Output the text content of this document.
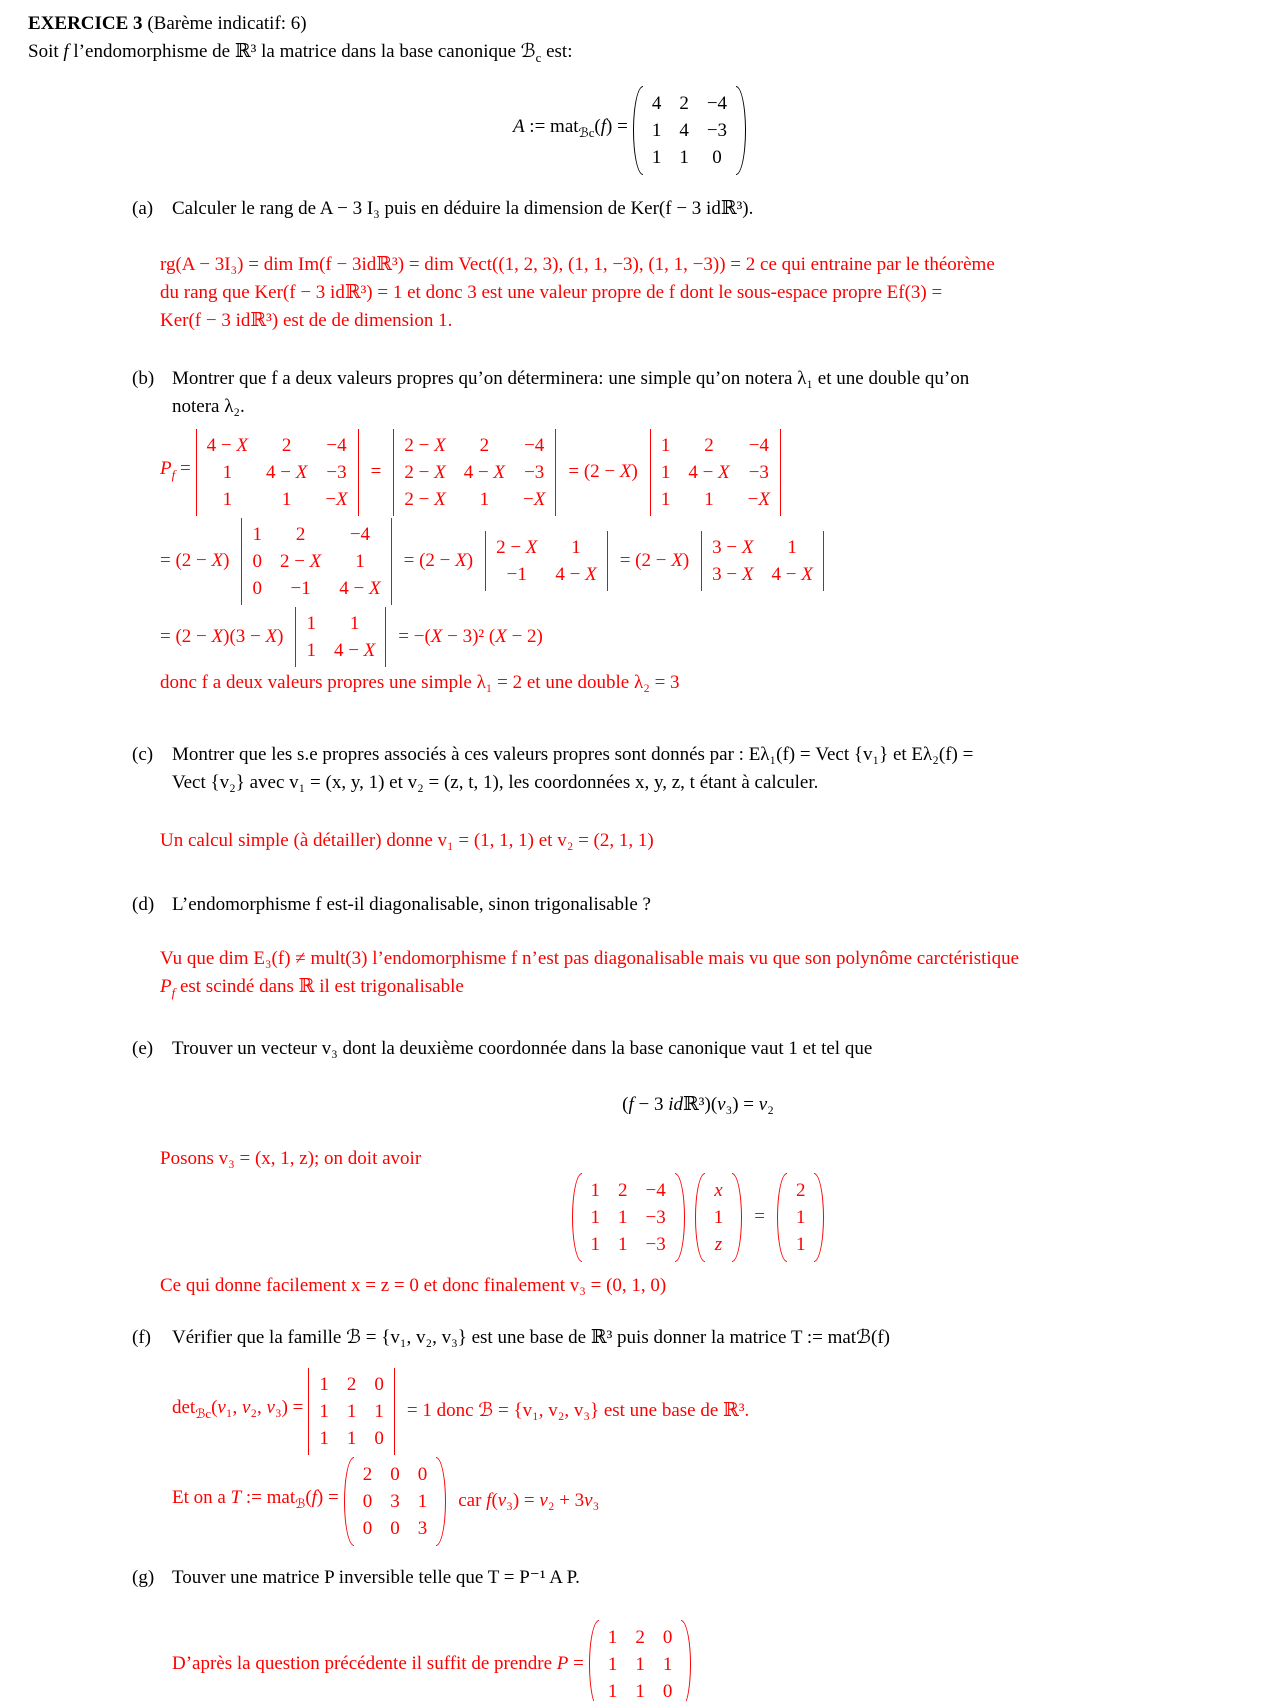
EXERCICE 3 (Barème indicatif: 6)
Soit f l’endomorphisme de ℝ³ la matrice dans la base canonique ℬ$_c$ est:
A := mat$_{ℬc}$(f) =
4 2 −4
1 4 −3
1 1 0
(a) Calculer le rang de A − 3 I₃ puis en déduire la dimension de Ker(f − 3 idℝ³).
rg(A − 3I₃) = dim Im(f − 3idℝ³) = dim Vect((1, 2, 3), (1, 1, −3), (1, 1, −3)) = 2 ce qui entraine par le théorème
du rang que Ker(f − 3 idℝ³) = 1 et donc 3 est une valeur propre de f dont le sous-espace propre Ef(3) =
Ker(f − 3 idℝ³) est de de dimension 1.
(b) Montrer que f a deux valeurs propres qu’on déterminera: une simple qu’on notera λ₁ et une double qu’on
notera λ₂.
$P_f$ =
4 − X 2 −4
1 4 − X −3
1	1 −X
=
2 − X 2 −4
2 − X 4 − X −3
2 − X 1 −X
= (2 − X)
1 2 −4
1 4 − X −3
1 1 −X
= (2 − X)
1 2 −4
0 2 − X 1
0 −1 4 − X
= (2 − X)
2 − X 1
−1 4 − X
= (2 − X)
3 − X 1
3 − X 4 − X
= (2 − X)(3 − X)
1 1
1 4 − X
= −(X − 3)² (X − 2)
donc f a deux valeurs propres une simple λ₁ = 2 et une double λ₂ = 3
(c) Montrer que les s.e propres associés à ces valeurs propres sont donnés par : Eλ₁(f) = Vect {v₁} et Eλ₂(f) =
Vect {v₂} avec v₁ = (x, y, 1) et v₂ = (z, t, 1), les coordonnées x, y, z, t étant à calculer.
Un calcul simple (à détailler) donne v₁ = (1, 1, 1) et v₂ = (2, 1, 1)
(d) L’endomorphisme f est-il diagonalisable, sinon trigonalisable ?
Vu que dim E₃(f) ≠ mult(3) l’endomorphisme f n’est pas diagonalisable mais vu que son polynôme carctéristique
$P_f$ est scindé dans ℝ il est trigonalisable
(e) Trouver un vecteur v₃ dont la deuxième coordonnée dans la base canonique vaut 1 et tel que
(f − 3 idℝ³)(v₃) = v₂
Posons v₃ = (x, 1, z); on doit avoir
1 2 −4
1 1 −3
1 1 −3
x
1
z
=
2
1
1
Ce qui donne facilement x = z = 0 et donc finalement v₃ = (0, 1, 0)
(f)	Vérifier que la famille ℬ = {v₁, v₂, v₃} est une base de ℝ³ puis donner la matrice T := matℬ(f)
$\det_{ℬc}(v_1$, v₂, v₃) =
1 2 0
1 1 1
1 1 0
= 1 donc ℬ = {v₁, v₂, v₃} est une base de ℝ³.
Et on a T := mat$_ℬ$(f) =
2 0 0
0 3 1
0 0 3
car f(v₃) = v₂ + 3v₃
(g) Touver une matrice P inversible telle que T = P⁻¹ A P.
D’après la question précédente il suffit de prendre P =
1 2 0
1 1 1
1 1 0
